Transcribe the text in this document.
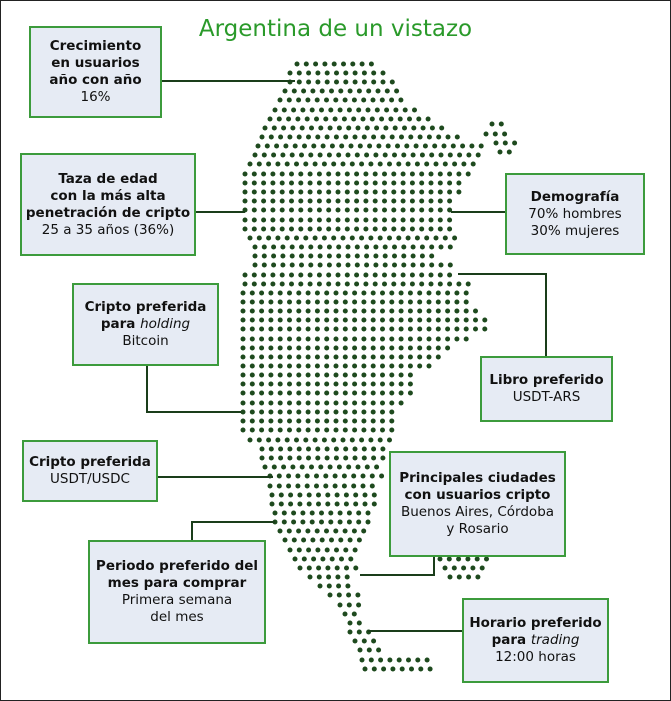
Argentina de un vistazo
Crecimiento
en usuarios
año con año
16%
Taza de edad
con la más alta
penetración de cripto
25 a 35 años (36%)
Demografía
70% hombres
30% mujeres
Cripto preferida
para holding
Bitcoin
Libro preferido
USDT-ARS
Cripto preferida
USDT/USDC	Principales ciudades
con usuarios cripto
Buenos Aires, Córdoba
y Rosario
Periodo preferido del
mes para comprar
Primera semana
del mes	Horario preferido
para trading
12:00 horas
